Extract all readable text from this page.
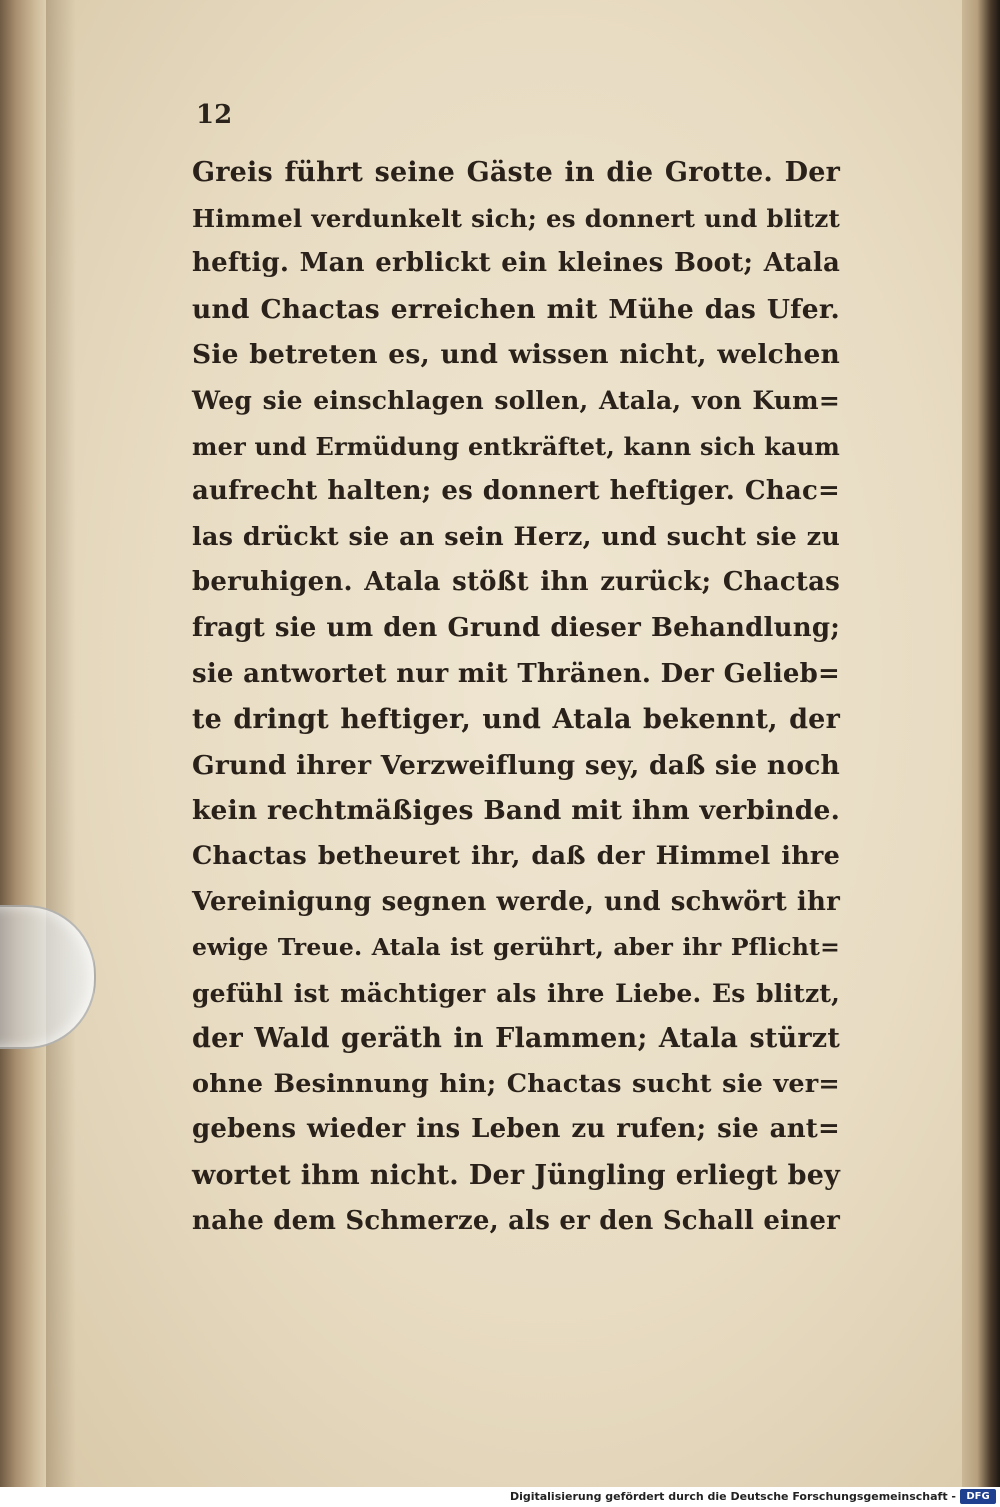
12
Greis führt seine Gäste in die Grotte. Der
Himmel verdunkelt sich; es donnert und blitzt
heftig. Man erblickt ein kleines Boot; Atala
und Chactas erreichen mit Mühe das Ufer.
Sie betreten es, und wissen nicht, welchen
Weg sie einschlagen sollen, Atala, von Kum=
mer und Ermüdung entkräftet, kann sich kaum
aufrecht halten; es donnert heftiger. Chac=
las drückt sie an sein Herz, und sucht sie zu
beruhigen. Atala stößt ihn zurück; Chactas
fragt sie um den Grund dieser Behandlung;
sie antwortet nur mit Thränen. Der Gelieb=
te dringt heftiger, und Atala bekennt, der
Grund ihrer Verzweiflung sey, daß sie noch
kein rechtmäßiges Band mit ihm verbinde.
Chactas betheuret ihr, daß der Himmel ihre
Vereinigung segnen werde, und schwört ihr
ewige Treue. Atala ist gerührt, aber ihr Pflicht=
gefühl ist mächtiger als ihre Liebe. Es blitzt,
der Wald geräth in Flammen; Atala stürzt
ohne Besinnung hin; Chactas sucht sie ver=
gebens wieder ins Leben zu rufen; sie ant=
wortet ihm nicht. Der Jüngling erliegt bey
nahe dem Schmerze, als er den Schall einer
Digitalisierung gefördert durch die Deutsche Forschungsgemeinschaft -	DFG
